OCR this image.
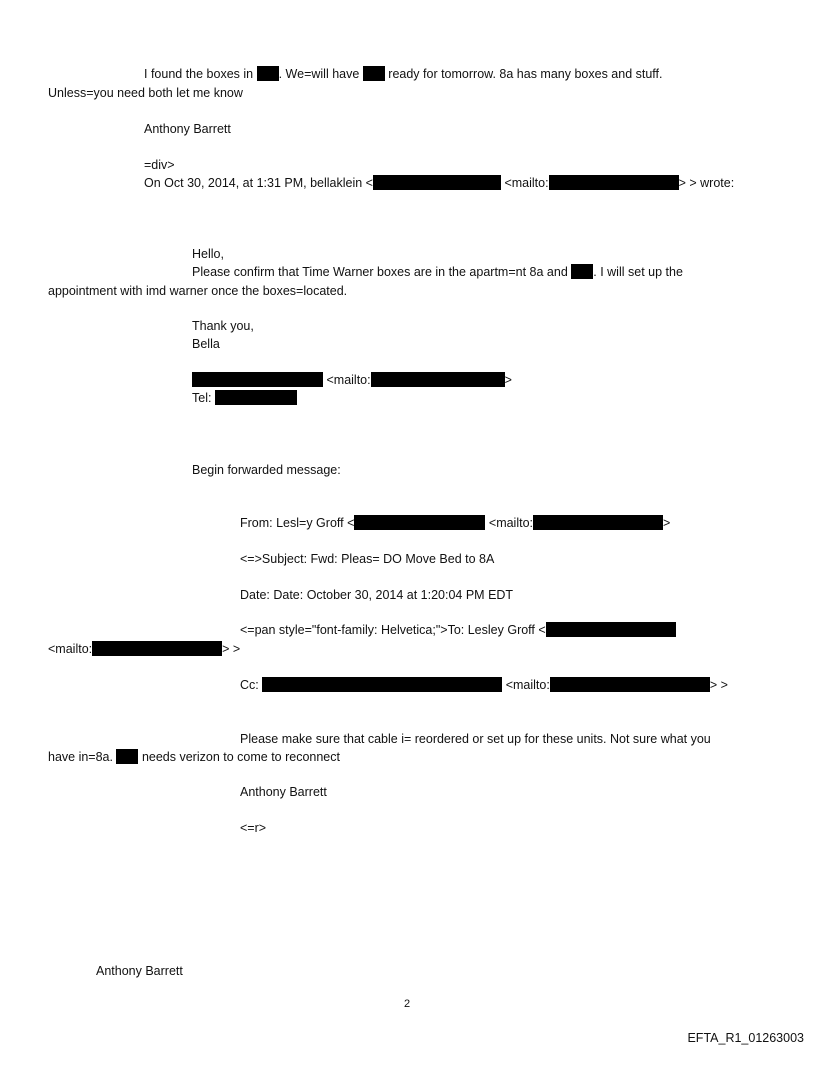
I found the boxes in . We=will have ready for tomorrow. 8a has many boxes and stuff.
Unless=you need both let me know
Anthony Barrett
=div>
On Oct 30, 2014, at 1:31 PM, bellaklein <	<mailto:	> > wrote:
Hello,
Please confirm that Time Warner boxes are in the apartm=nt 8a and . I will set up the
appointment with imd warner once the boxes=located.
Thank you,
Bella
<mailto:	>
Tel:
Begin forwarded message:
From: Lesl=y Groff <	<mailto:	>
<=>Subject: Fwd: Pleas= DO Move Bed to 8A
Date: Date: October 30, 2014 at 1:20:04 PM EDT
<=pan style="font-family: Helvetica;">To: Lesley Groff <
<mailto:	> >
Cc:	<mailto:	> >
Please make sure that cable i= reordered or set up for these units. Not sure what you
have in=8a. needs verizon to come to reconnect
Anthony Barrett
<=r>
Anthony Barrett
2
EFTA_R1_01263003
